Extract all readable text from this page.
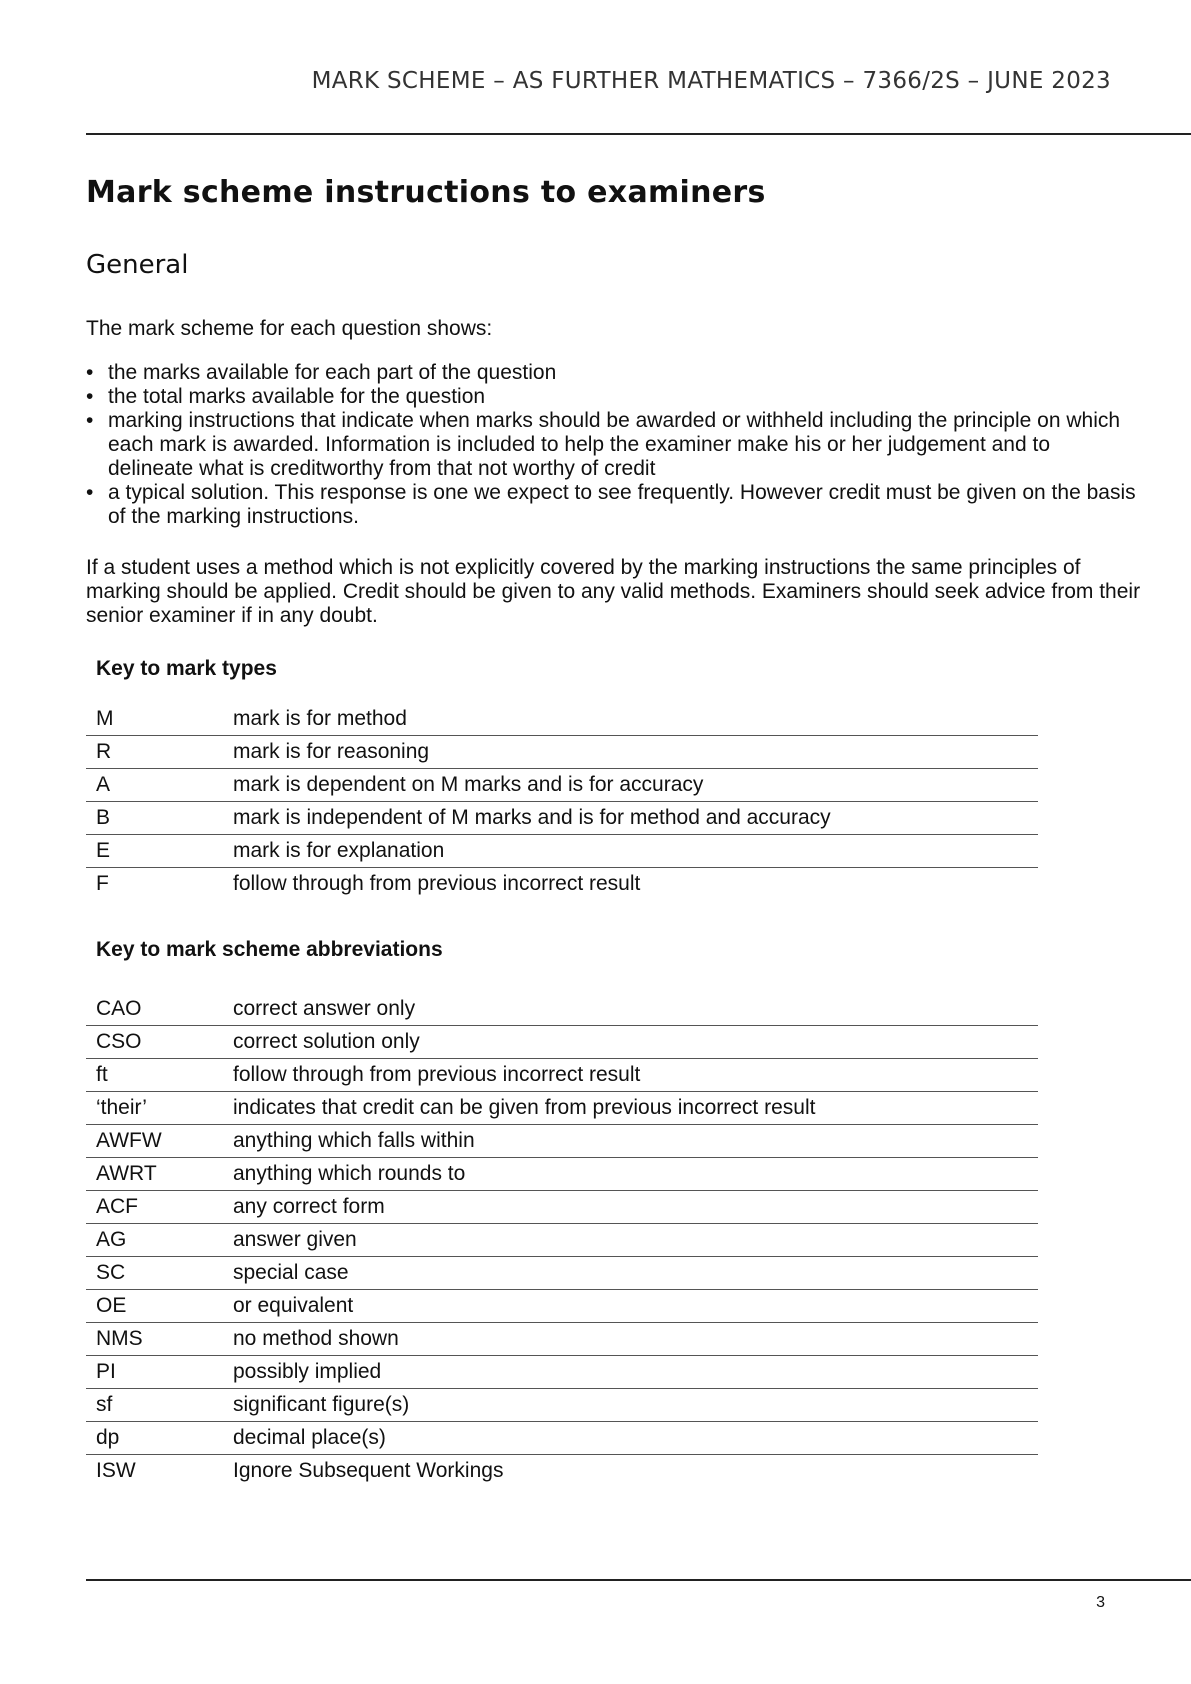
MARK SCHEME – AS FURTHER MATHEMATICS – 7366/2S – JUNE 2023
Mark scheme instructions to examiners
General

The mark scheme for each question shows:

• the marks available for each part of the question
• the total marks available for the question
• marking instructions that indicate when marks should be awarded or withheld including the principle on which each mark is awarded. Information is included to help the examiner make his or her judgement and to delineate what is creditworthy from that not worthy of credit
• a typical solution. This response is one we expect to see frequently. However credit must be given on the basis of the marking instructions.

If a student uses a method which is not explicitly covered by the marking instructions the same principles of marking should be applied. Credit should be given to any valid methods. Examiners should seek advice from their senior examiner if in any doubt.

Key to mark types

M	mark is for method
R	mark is for reasoning
A	mark is dependent on M marks and is for accuracy
B	mark is independent of M marks and is for method and accuracy
E	mark is for explanation
F	follow through from previous incorrect result

Key to mark scheme abbreviations

CAO	correct answer only
CSO	correct solution only
ft	follow through from previous incorrect result
‘their’	indicates that credit can be given from previous incorrect result
AWFW	anything which falls within
AWRT	anything which rounds to
ACF	any correct form
AG	answer given
SC	special case
OE	or equivalent
NMS	no method shown
PI	possibly implied
sf	significant figure(s)
dp	decimal place(s)
ISW	Ignore Subsequent Workings
3
